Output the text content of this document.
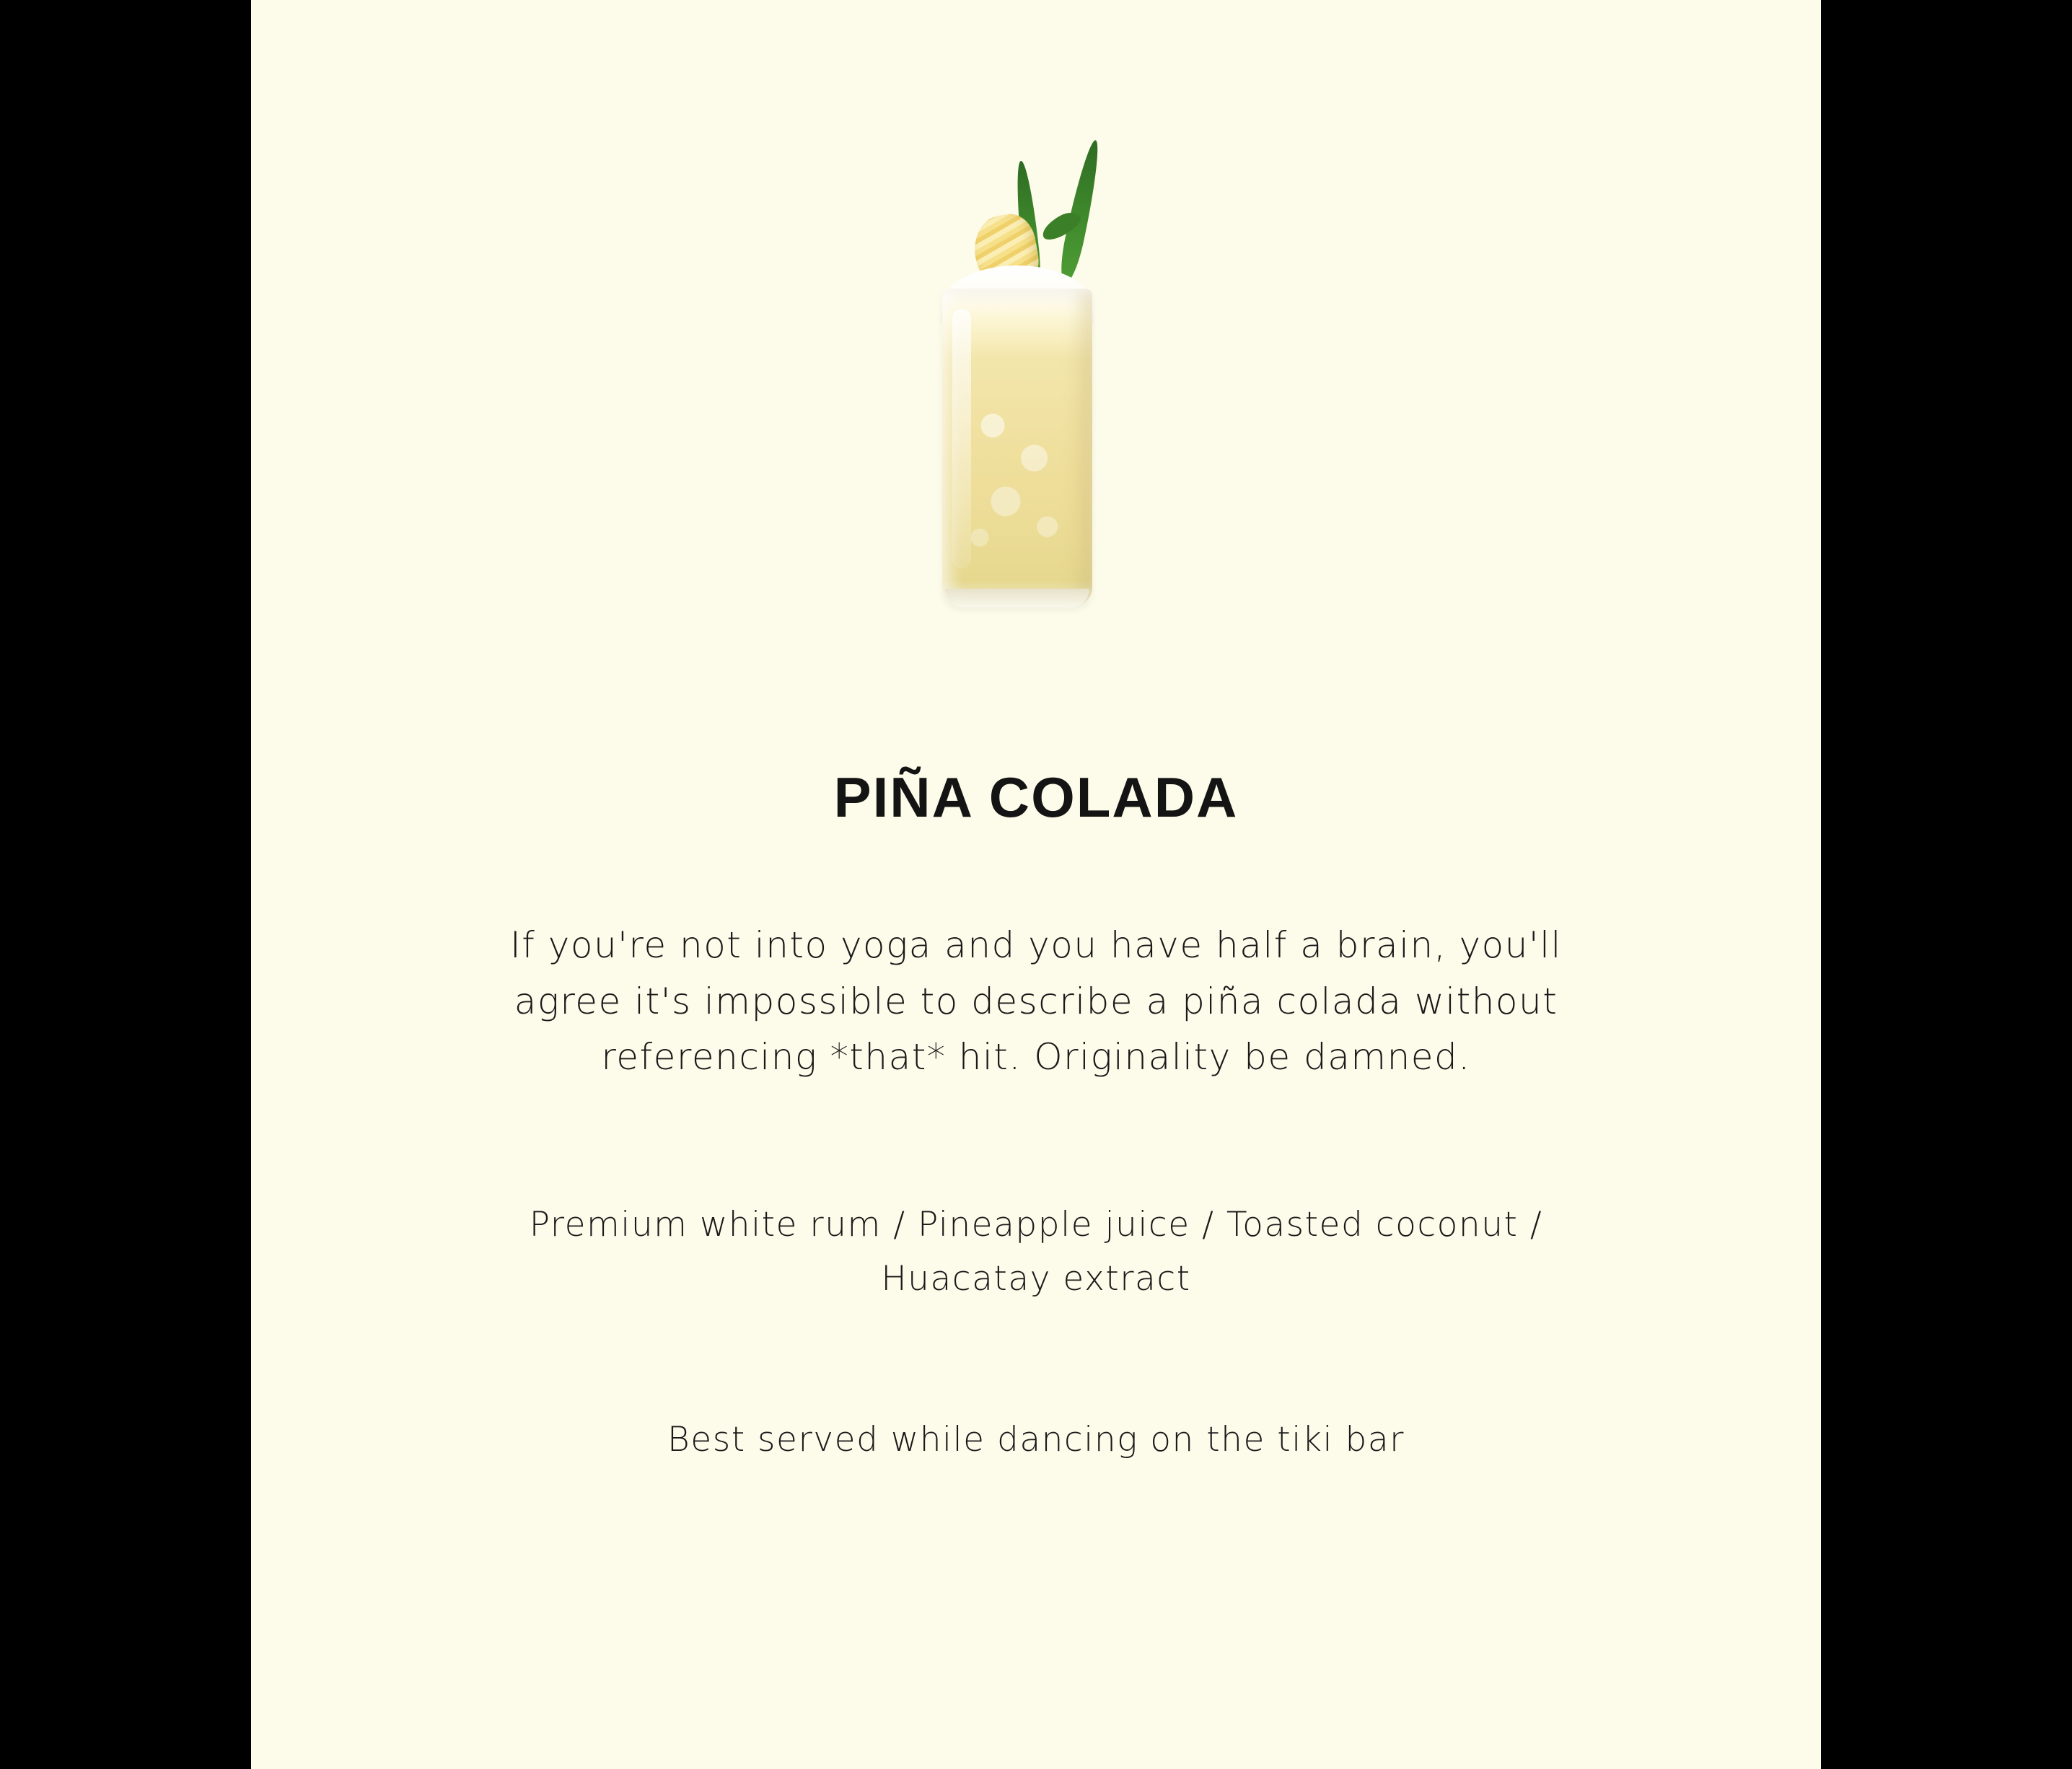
PIÑA COLADA
If you're not into yoga and you have half a brain, you'll agree it's impossible to describe a piña colada without referencing *that* hit. Originality be damned.
Premium white rum / Pineapple juice / Toasted coconut / Huacatay extract
Best served while dancing on the tiki bar
